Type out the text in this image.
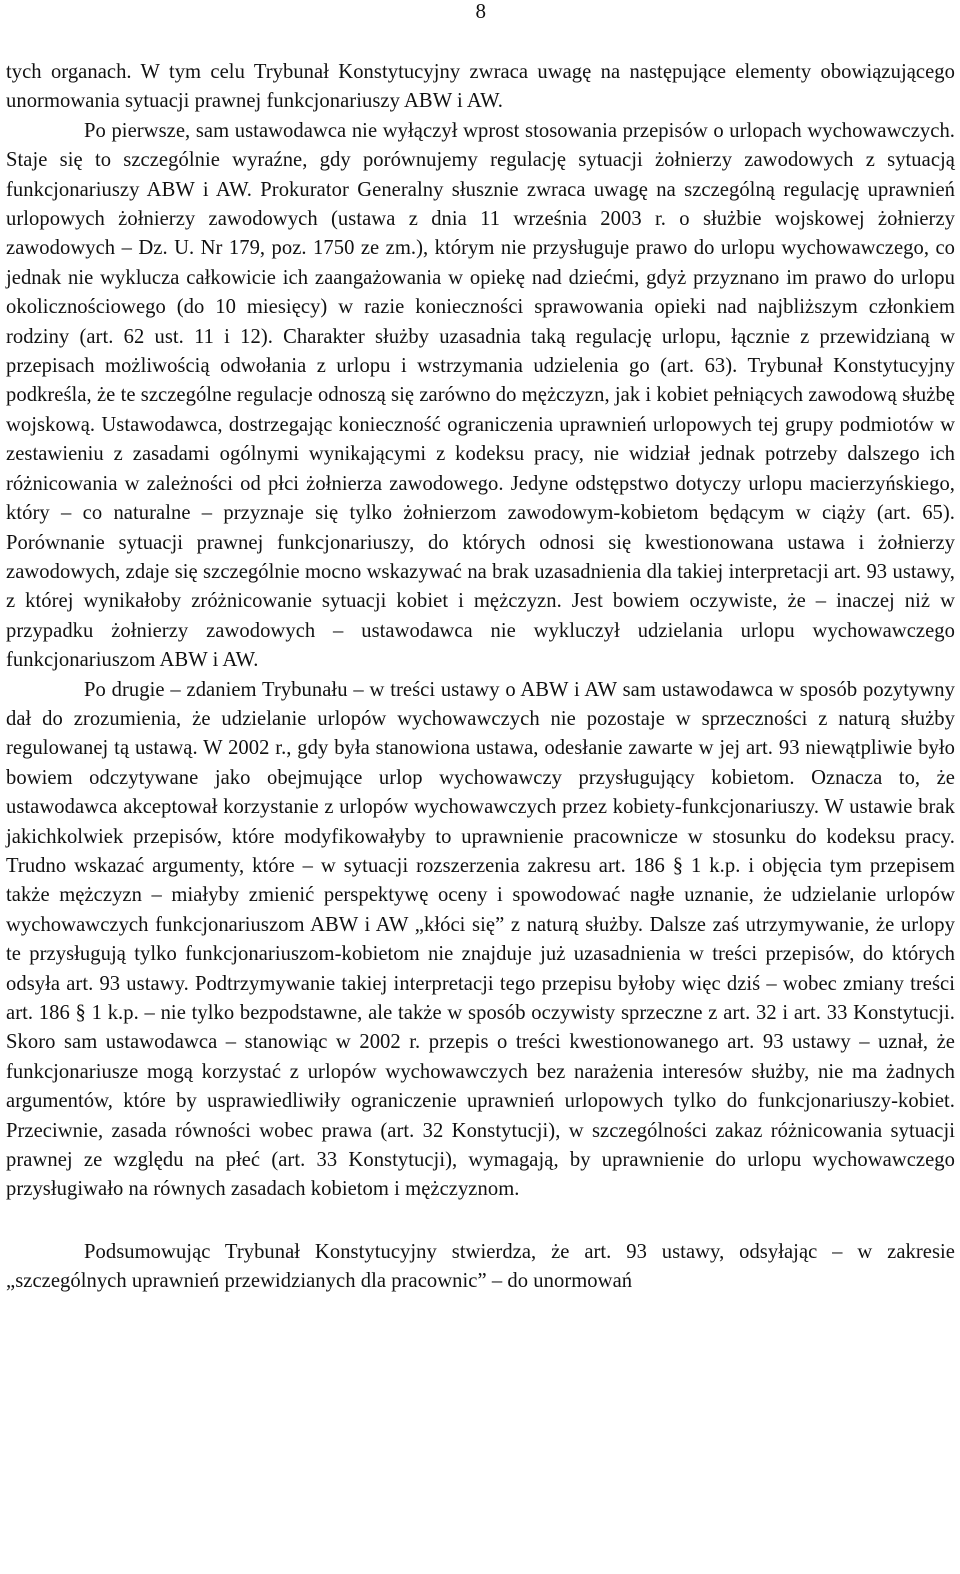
8

tych organach. W tym celu Trybunał Konstytucyjny zwraca uwagę na następujące elementy obowiązującego unormowania sytuacji prawnej funkcjonariuszy ABW i AW.

Po pierwsze, sam ustawodawca nie wyłączył wprost stosowania przepisów o urlopach wychowawczych. Staje się to szczególnie wyraźne, gdy porównujemy regulację sytuacji żołnierzy zawodowych z sytuacją funkcjonariuszy ABW i AW. Prokurator Generalny słusznie zwraca uwagę na szczególną regulację uprawnień urlopowych żołnierzy zawodowych (ustawa z dnia 11 września 2003 r. o służbie wojskowej żołnierzy zawodowych – Dz. U. Nr 179, poz. 1750 ze zm.), którym nie przysługuje prawo do urlopu wychowawczego, co jednak nie wyklucza całkowicie ich zaangażowania w opiekę nad dziećmi, gdyż przyznano im prawo do urlopu okolicznościowego (do 10 miesięcy) w razie konieczności sprawowania opieki nad najbliższym członkiem rodziny (art. 62 ust. 11 i 12). Charakter służby uzasadnia taką regulację urlopu, łącznie z przewidzianą w przepisach możliwością odwołania z urlopu i wstrzymania udzielenia go (art. 63). Trybunał Konstytucyjny podkreśla, że te szczególne regulacje odnoszą się zarówno do mężczyzn, jak i kobiet pełniących zawodową służbę wojskową. Ustawodawca, dostrzegając konieczność ograniczenia uprawnień urlopowych tej grupy podmiotów w zestawieniu z zasadami ogólnymi wynikającymi z kodeksu pracy, nie widział jednak potrzeby dalszego ich różnicowania w zależności od płci żołnierza zawodowego. Jedyne odstępstwo dotyczy urlopu macierzyńskiego, który – co naturalne – przyznaje się tylko żołnierzom zawodowym-kobietom będącym w ciąży (art. 65). Porównanie sytuacji prawnej funkcjonariuszy, do których odnosi się kwestionowana ustawa i żołnierzy zawodowych, zdaje się szczególnie mocno wskazywać na brak uzasadnienia dla takiej interpretacji art. 93 ustawy, z której wynikałoby zróżnicowanie sytuacji kobiet i mężczyzn. Jest bowiem oczywiste, że – inaczej niż w przypadku żołnierzy zawodowych – ustawodawca nie wykluczył udzielania urlopu wychowawczego funkcjonariuszom ABW i AW.

Po drugie – zdaniem Trybunału – w treści ustawy o ABW i AW sam ustawodawca w sposób pozytywny dał do zrozumienia, że udzielanie urlopów wychowawczych nie pozostaje w sprzeczności z naturą służby regulowanej tą ustawą. W 2002 r., gdy była stanowiona ustawa, odesłanie zawarte w jej art. 93 niewątpliwie było bowiem odczytywane jako obejmujące urlop wychowawczy przysługujący kobietom. Oznacza to, że ustawodawca akceptował korzystanie z urlopów wychowawczych przez kobiety-funkcjonariuszy. W ustawie brak jakichkolwiek przepisów, które modyfikowałyby to uprawnienie pracownicze w stosunku do kodeksu pracy. Trudno wskazać argumenty, które – w sytuacji rozszerzenia zakresu art. 186 § 1 k.p. i objęcia tym przepisem także mężczyzn – miałyby zmienić perspektywę oceny i spowodować nagłe uznanie, że udzielanie urlopów wychowawczych funkcjonariuszom ABW i AW „kłóci się” z naturą służby. Dalsze zaś utrzymywanie, że urlopy te przysługują tylko funkcjonariuszom-kobietom nie znajduje już uzasadnienia w treści przepisów, do których odsyła art. 93 ustawy. Podtrzymywanie takiej interpretacji tego przepisu byłoby więc dziś – wobec zmiany treści art. 186 § 1 k.p. – nie tylko bezpodstawne, ale także w sposób oczywisty sprzeczne z art. 32 i art. 33 Konstytucji. Skoro sam ustawodawca – stanowiąc w 2002 r. przepis o treści kwestionowanego art. 93 ustawy – uznał, że funkcjonariusze mogą korzystać z urlopów wychowawczych bez narażenia interesów służby, nie ma żadnych argumentów, które by usprawiedliwiły ograniczenie uprawnień urlopowych tylko do funkcjonariuszy-kobiet. Przeciwnie, zasada równości wobec prawa (art. 32 Konstytucji), w szczególności zakaz różnicowania sytuacji prawnej ze względu na płeć (art. 33 Konstytucji), wymagają, by uprawnienie do urlopu wychowawczego przysługiwało na równych zasadach kobietom i mężczyznom.

Podsumowując Trybunał Konstytucyjny stwierdza, że art. 93 ustawy, odsyłając – w zakresie „szczególnych uprawnień przewidzianych dla pracownic” – do unormowań
